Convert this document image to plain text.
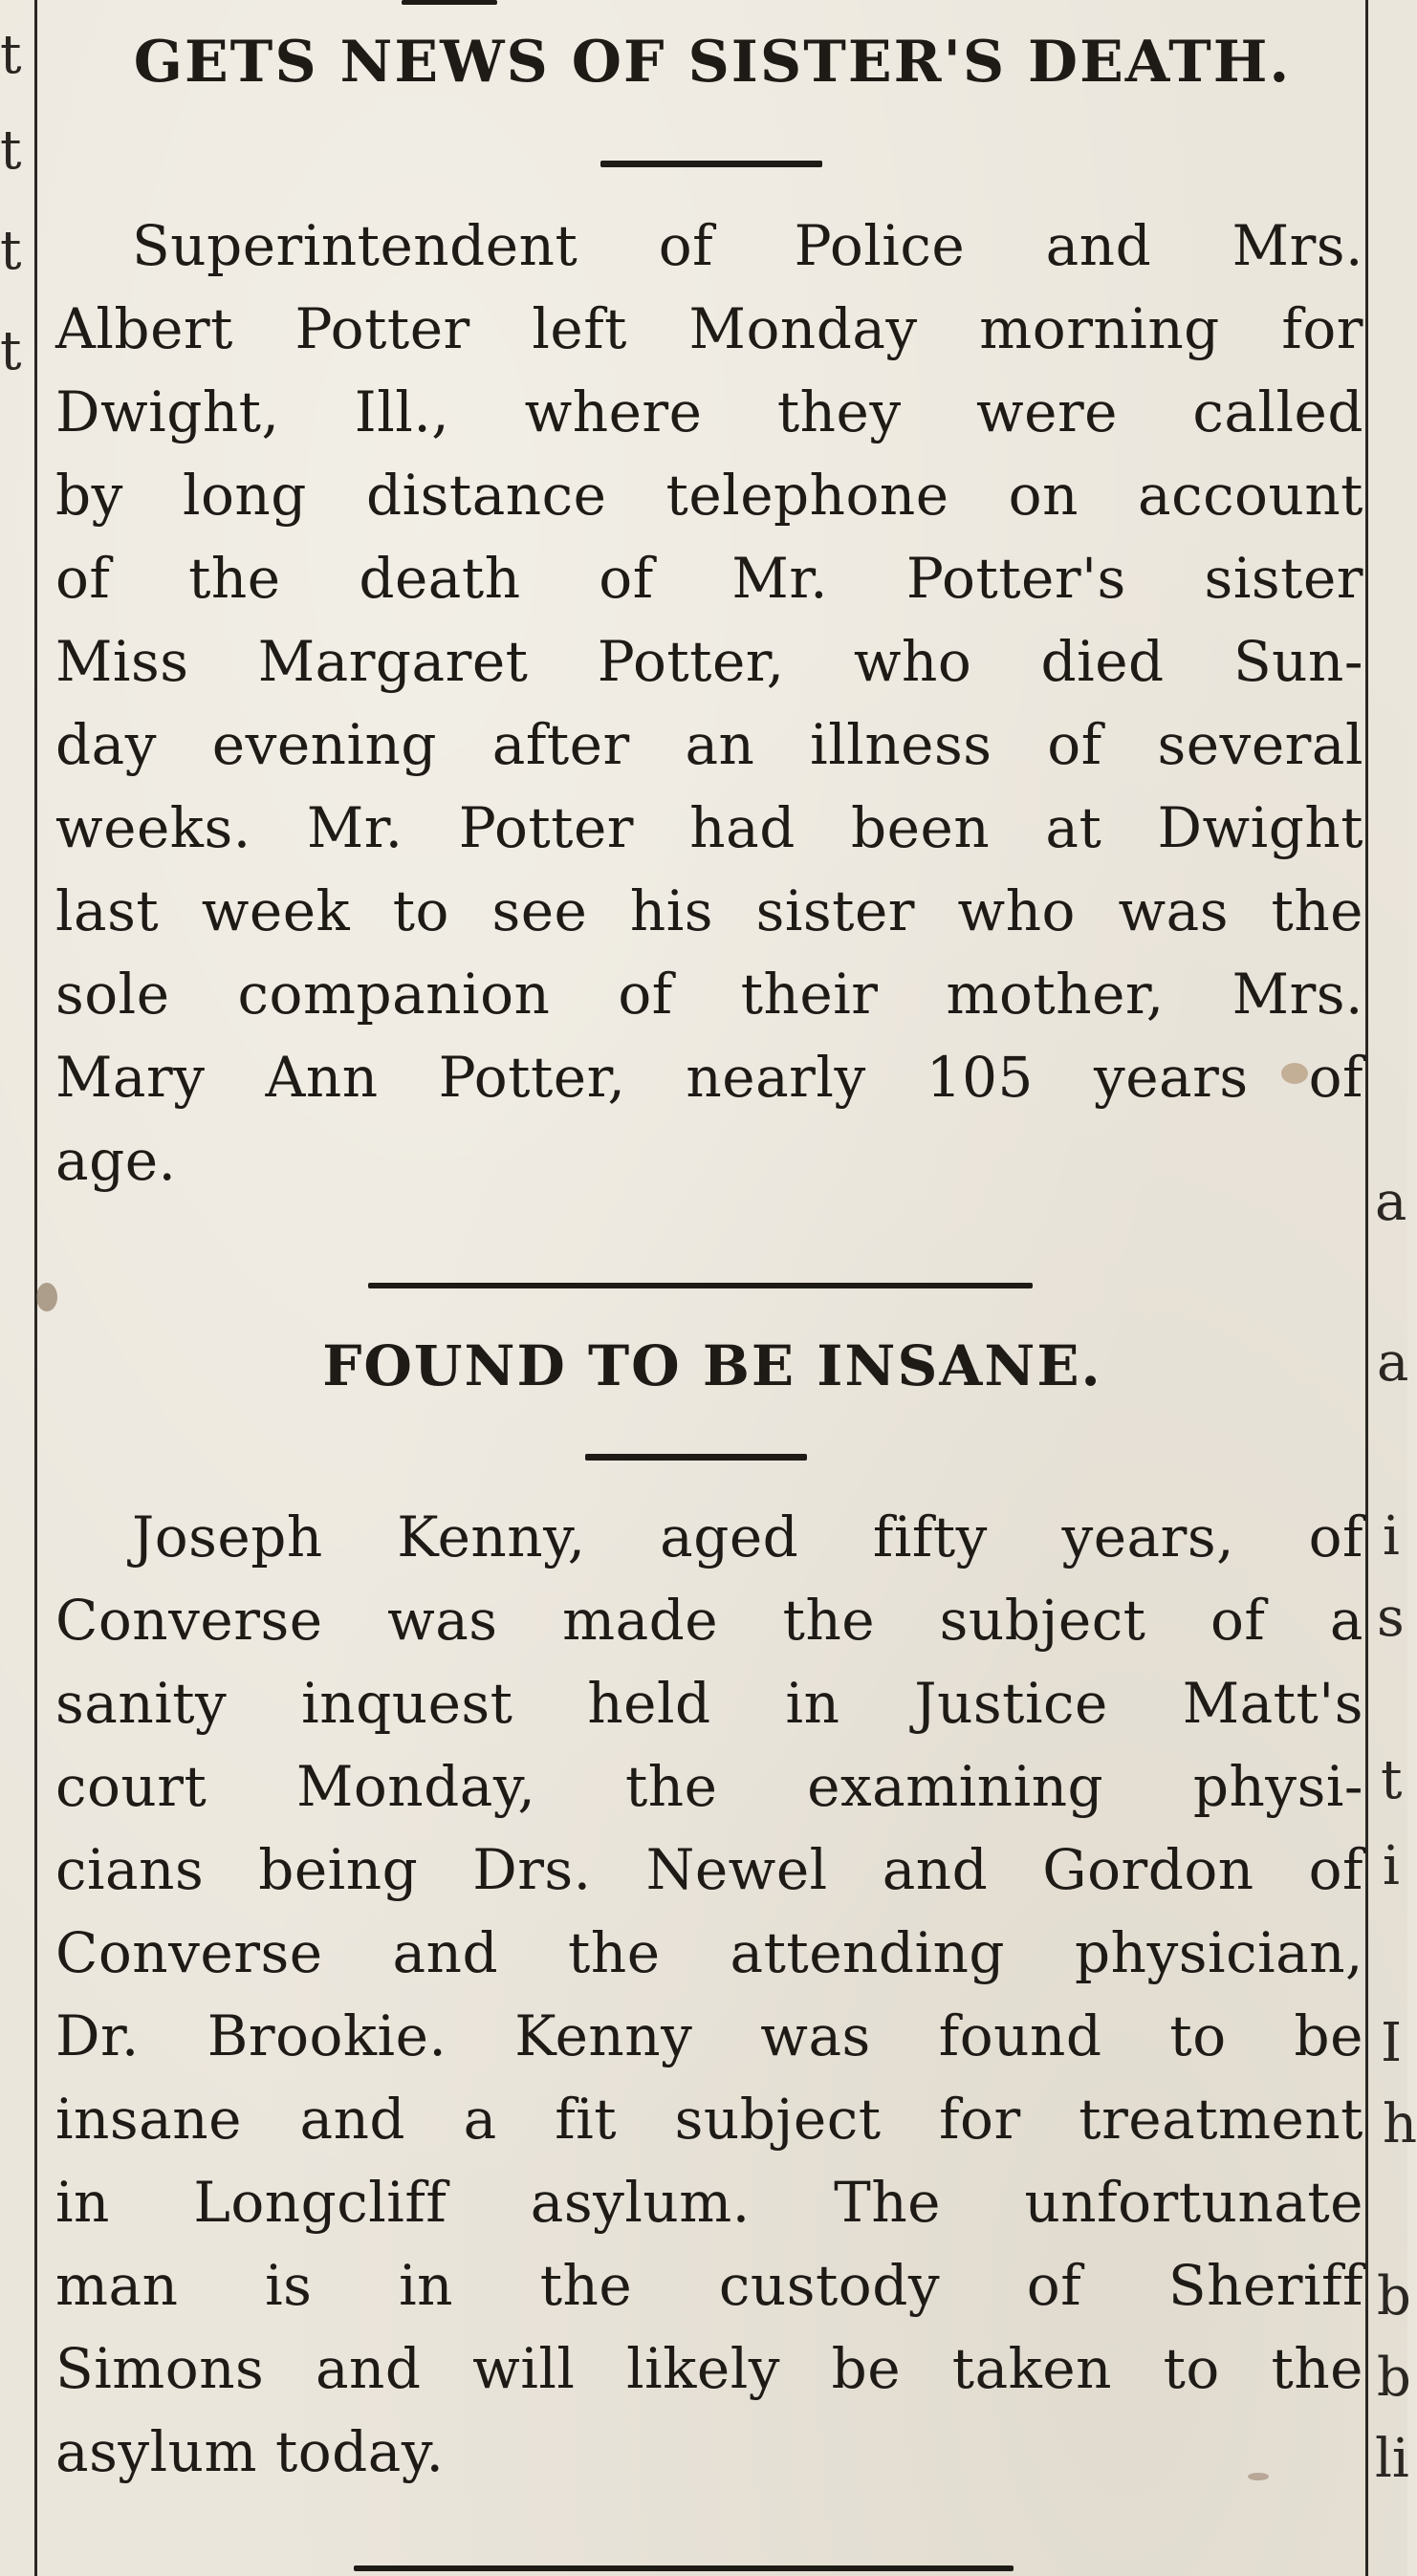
GETS NEWS OF SISTER'S DEATH.
Superintendent of Police and Mrs.
Albert Potter left Monday morning for
Dwight, Ill., where they were called
by long distance telephone on account
of the death of Mr. Potter's sister
Miss Margaret Potter, who died Sun-
day evening after an illness of several
weeks. Mr. Potter had been at Dwight
last week to see his sister who was the
sole companion of their mother, Mrs.
Mary Ann Potter, nearly 105 years of
age.
FOUND TO BE INSANE.
Joseph Kenny, aged fifty years, of
Converse was made the subject of a
sanity inquest held in Justice Matt's
court Monday, the examining physi-
cians being Drs. Newel and Gordon of
Converse and the attending physician,
Dr. Brookie. Kenny was found to be
insane and a fit subject for treatment
in Longcliff asylum. The unfortunate
man is in the custody of Sheriff
Simons and will likely be taken to the
asylum today.
t
t
t
t
a
a
i
s
t
i
I
h
b
b
li
